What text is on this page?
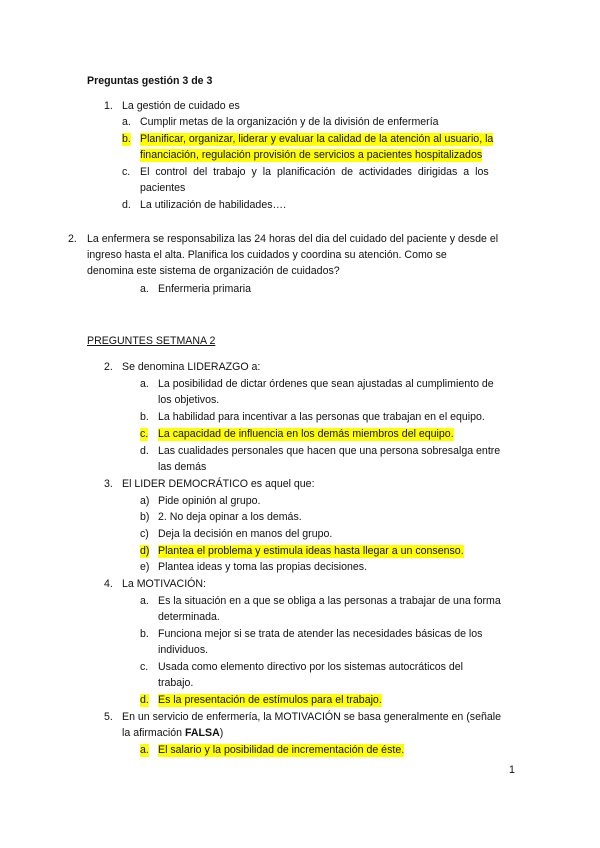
Preguntas gestión 3 de 3
1. La gestión de cuidado es
a. Cumplir metas de la organización y de la división de enfermería
b. Planificar, organizar, liderar y evaluar la calidad de la atención al usuario, la
financiación, regulación provisión de servicios a pacientes hospitalizados
c. El control del trabajo y la planificación de actividades dirigidas a los
pacientes
d. La utilización de habilidades….
2. La enfermera se responsabiliza las 24 horas del dia del cuidado del paciente y desde el
ingreso hasta el alta. Planifica los cuidados y coordina su atención. Como se
denomina este sistema de organización de cuidados?
a. Enfermeria primaria
PREGUNTES SETMANA 2
2. Se denomina LIDERAZGO a:
a. La posibilidad de dictar órdenes que sean ajustadas al cumplimiento de
los objetivos.
b. La habilidad para incentivar a las personas que trabajan en el equipo.
c. La capacidad de influencia en los demás miembros del equipo.
d. Las cualidades personales que hacen que una persona sobresalga entre
las demás
3. El LIDER DEMOCRÁTICO es aquel que:
a) Pide opinión al grupo.
b) 2. No deja opinar a los demás.
c) Deja la decisión en manos del grupo.
d) Plantea el problema y estimula ideas hasta llegar a un consenso.
e) Plantea ideas y toma las propias decisiones.
4. La MOTIVACIÓN:
a. Es la situación en a que se obliga a las personas a trabajar de una forma
determinada.
b. Funciona mejor si se trata de atender las necesidades básicas de los
individuos.
c. Usada como elemento directivo por los sistemas autocráticos del
trabajo.
d. Es la presentación de estímulos para el trabajo.
5. En un servicio de enfermería, la MOTIVACIÓN se basa generalmente en (señale
la afirmación FALSA)
a. El salario y la posibilidad de incrementación de éste.
1
